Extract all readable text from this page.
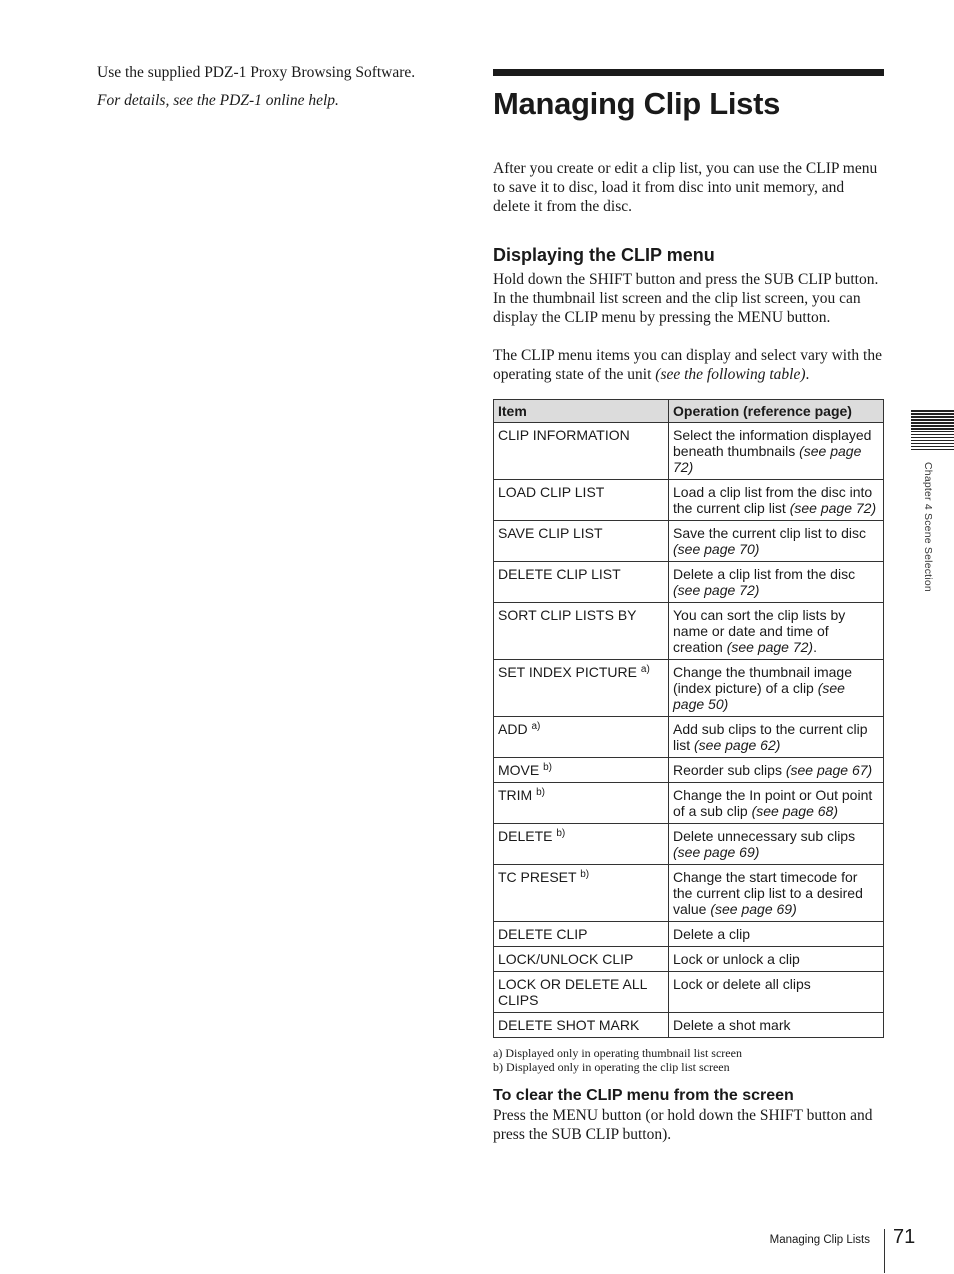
Use the supplied PDZ-1 Proxy Browsing Software.

For details, see the PDZ-1 online help.	Managing Clip Lists

After you create or edit a clip list, you can use the CLIP menu to save it to disc, load it from disc into unit memory, and delete it from the disc.

Displaying the CLIP menu

Hold down the SHIFT button and press the SUB CLIP button.

In the thumbnail list screen and the clip list screen, you can display the CLIP menu by pressing the MENU button.

The CLIP menu items you can display and select vary with the operating state of the unit (see the following table).

Item	Operation (reference page)
CLIP INFORMATION	Select the information displayed beneath thumbnails (see page 72)
LOAD CLIP LIST	Load a clip list from the disc into the current clip list (see page 72)
SAVE CLIP LIST	Save the current clip list to disc (see page 70)
DELETE CLIP LIST	Delete a clip list from the disc (see page 72)
SORT CLIP LISTS BY	You can sort the clip lists by name or date and time of creation (see page 72).
SET INDEX PICTURE $^{a)}$	Change the thumbnail image (index picture) of a clip (see page 50)
ADD $^{a)}$	Add sub clips to the current clip list (see page 62)
MOVE $^{b)}$	Reorder sub clips (see page 67)
TRIM $^{b)}$	Change the In point or Out point of a sub clip (see page 68)
DELETE $^{b)}$	Delete unnecessary sub clips (see page 69)
TC PRESET $^{b)}$	Change the start timecode for the current clip list to a desired value (see page 69)
DELETE CLIP	Delete a clip
LOCK/UNLOCK CLIP	Lock or unlock a clip
LOCK OR DELETE ALL CLIPS	Lock or delete all clips
DELETE SHOT MARK	Delete a shot mark
a) Displayed only in operating thumbnail list screen
b) Displayed only in operating the clip list screen
To clear the CLIP menu from the screen

Press the MENU button (or hold down the SHIFT button and press the SUB CLIP button).

Chapter 4 Scene Selection
Managing Clip Lists 71
